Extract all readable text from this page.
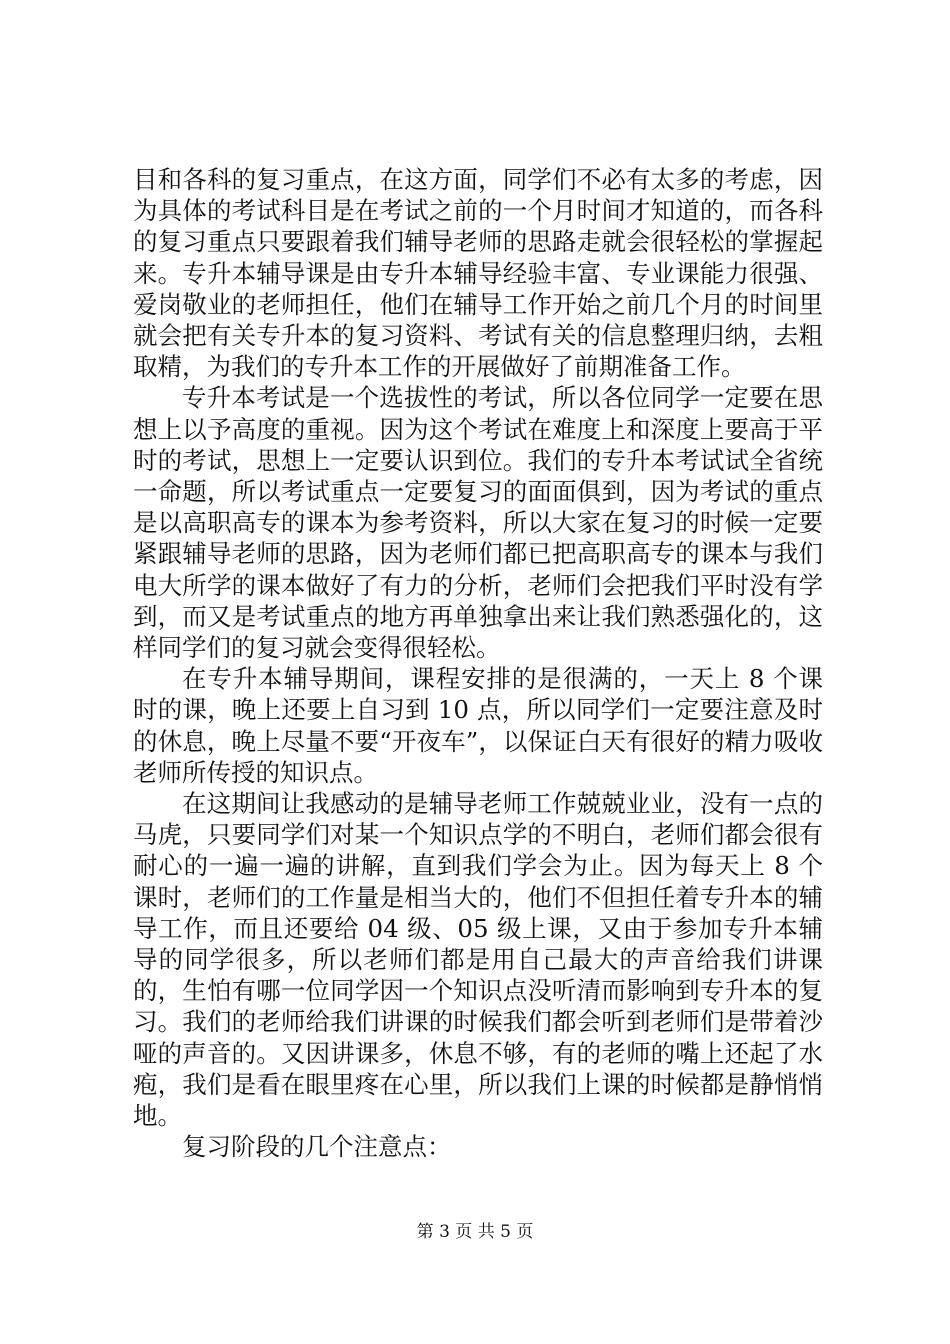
目和各科的复习重点，在这方面，同学们不必有太多的考虑，因为具体的考试科目是在考试之前的一个月时间才知道的，而各科的复习重点只要跟着我们辅导老师的思路走就会很轻松的掌握起来。专升本辅导课是由专升本辅导经验丰富、专业课能力很强、爱岗敬业的老师担任，他们在辅导工作开始之前几个月的时间里就会把有关专升本的复习资料、考试有关的信息整理归纳，去粗取精，为我们的专升本工作的开展做好了前期准备工作。

专升本考试是一个选拔性的考试，所以各位同学一定要在思想上以予高度的重视。因为这个考试在难度上和深度上要高于平时的考试，思想上一定要认识到位。我们的专升本考试试全省统一命题，所以考试重点一定要复习的面面俱到，因为考试的重点是以高职高专的课本为参考资料，所以大家在复习的时候一定要紧跟辅导老师的思路，因为老师们都已把高职高专的课本与我们电大所学的课本做好了有力的分析，老师们会把我们平时没有学到，而又是考试重点的地方再单独拿出来让我们熟悉强化的，这样同学们的复习就会变得很轻松。

在专升本辅导期间，课程安排的是很满的，一天上 8 个课时的课，晚上还要上自习到 10 点，所以同学们一定要注意及时的休息，晚上尽量不要“开夜车”，以保证白天有很好的精力吸收老师所传授的知识点。

在这期间让我感动的是辅导老师工作兢兢业业，没有一点的马虎，只要同学们对某一个知识点学的不明白，老师们都会很有耐心的一遍一遍的讲解，直到我们学会为止。因为每天上 8 个课时，老师们的工作量是相当大的，他们不但担任着专升本的辅导工作，而且还要给 04 级、05 级上课，又由于参加专升本辅导的同学很多，所以老师们都是用自己最大的声音给我们讲课的，生怕有哪一位同学因一个知识点没听清而影响到专升本的复习。我们的老师给我们讲课的时候我们都会听到老师们是带着沙哑的声音的。又因讲课多，休息不够，有的老师的嘴上还起了水疱，我们是看在眼里疼在心里，所以我们上课的时候都是静悄悄地。

复习阶段的几个注意点：

第 3 页 共 5 页
